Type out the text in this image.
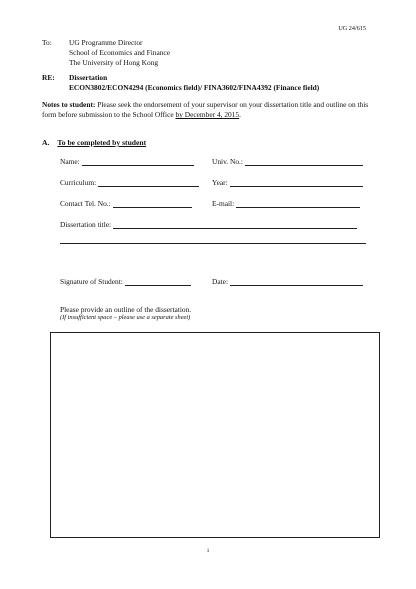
UG 24/615
To: UG Programme Director
School of Economics and Finance
The University of Hong Kong
RE: Dissertation
ECON3802/ECON4294 (Economics field)/ FINA3602/FINA4392 (Finance field)
Notes to student: Please seek the endorsement of your supervisor on your dissertation title and outline on this form before submission to the School Office by December 4, 2015.
A. To be completed by student
Name:	Univ. No.:
Curriculum:	Year:
Contact Tel. No.:	E-mail:
Dissertation title:
Signature of Student:	Date:
Please provide an outline of the dissertation.
(If insufficient space – please use a separate sheet)
1
